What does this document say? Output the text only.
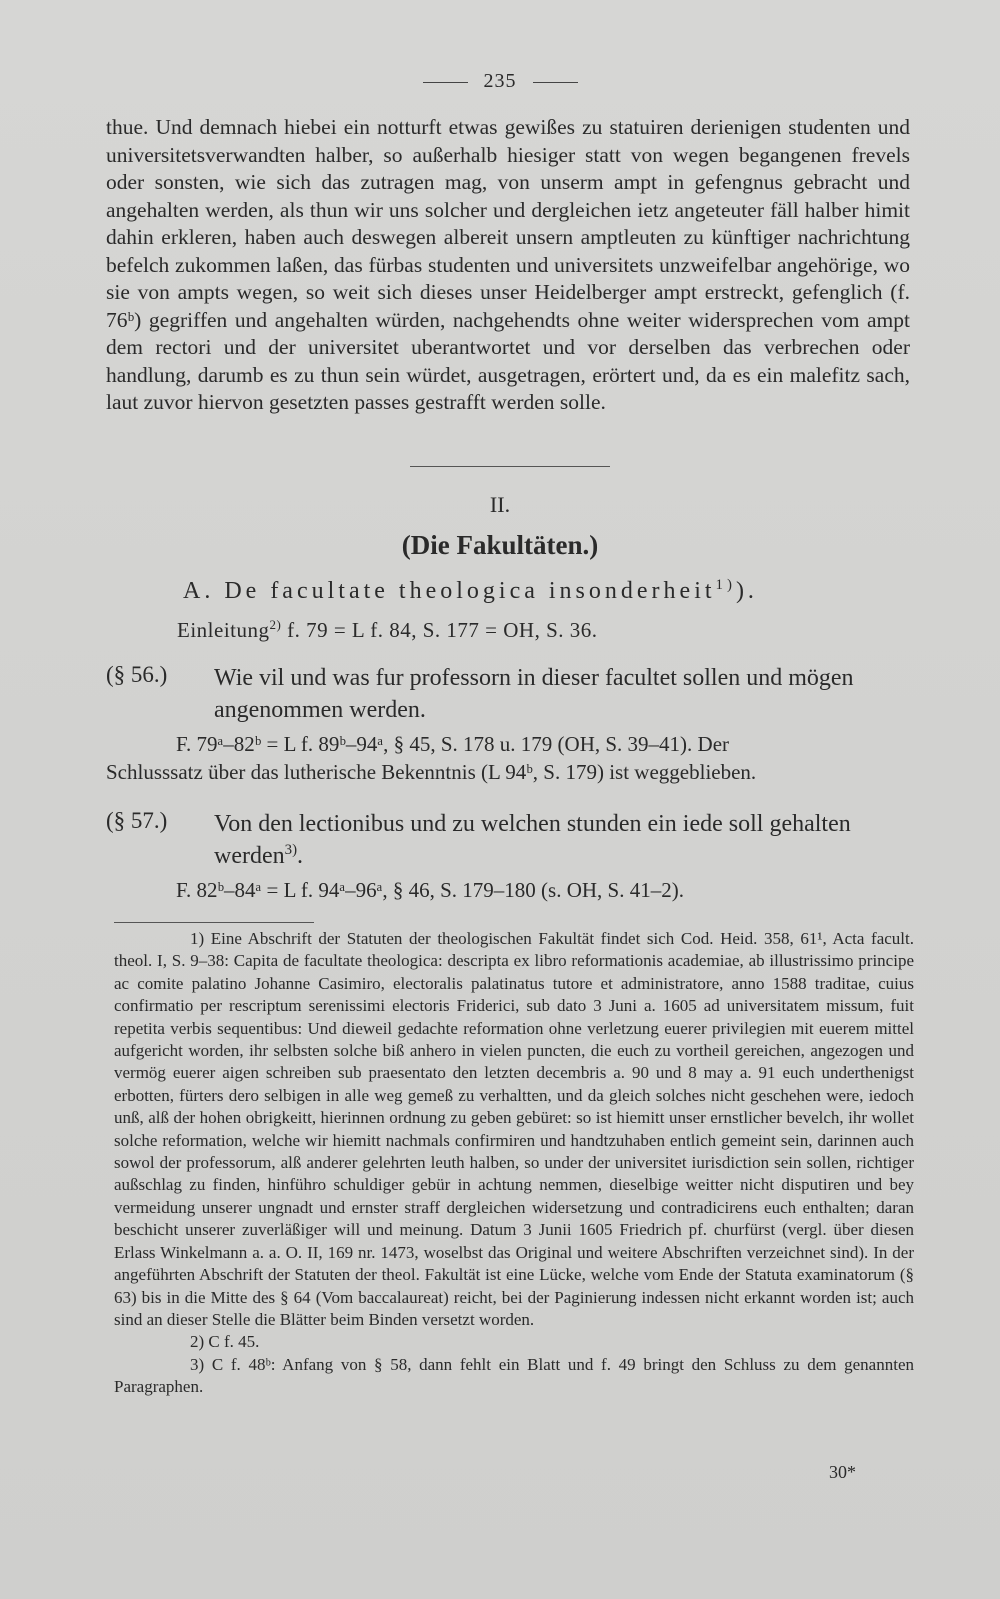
235

thue. Und demnach hiebei ein notturft etwas gewißes zu statuiren derienigen studenten und universitetsverwandten halber, so außerhalb hiesiger statt von wegen begangenen frevels oder sonsten, wie sich das zutragen mag, von unserm ampt in gefengnus gebracht und angehalten werden, als thun wir uns solcher und dergleichen ietz angeteuter fäll halber himit dahin erkleren, haben auch deswegen albereit unsern amptleuten zu künftiger nachrichtung befelch zukommen laßen, das fürbas studenten und universitets unzweifelbar angehörige, wo sie von ampts wegen, so weit sich dieses unser Heidelberger ampt erstreckt, gefenglich (f. 76ᵇ) gegriffen und angehalten würden, nachgehendts ohne weiter widersprechen vom ampt dem rectori und der universitet uberantwortet und vor derselben das verbrechen oder handlung, darumb es zu thun sein würdet, ausgetragen, erörtert und, da es ein malefitz sach, laut zuvor hiervon gesetzten passes gestrafft werden solle.

II.
(Die Fakultäten.)
A. De facultate theologica insonderheit$^{1)}$).
Einleitung$^{2)}$ f. 79 = L f. 84, S. 177 = OH, S. 36.
(§ 56.) Wie vil und was fur professorn in dieser facultet sollen und mögen angenommen werden.
F. 79ᵃ–82ᵇ = L f. 89ᵇ–94ᵃ, § 45, S. 178 u. 179 (OH, S. 39–41). Der
Schlusssatz über das lutherische Bekenntnis (L 94ᵇ, S. 179) ist weggeblieben.
(§ 57.) Von den lectionibus und zu welchen stunden ein iede soll gehalten werden$^{3)}$.
F. 82ᵇ–84ᵃ = L f. 94ᵃ–96ᵃ, § 46, S. 179–180 (s. OH, S. 41–2).

1) Eine Abschrift der Statuten der theologischen Fakultät findet sich Cod. Heid. 358, 61¹, Acta facult. theol. I, S. 9–38: Capita de facultate theologica: descripta ex libro reformationis academiae, ab illustrissimo principe ac comite palatino Johanne Casimiro, electoralis palatinatus tutore et administratore, anno 1588 traditae, cuius confirmatio per rescriptum serenissimi electoris Friderici, sub dato 3 Juni a. 1605 ad universitatem missum, fuit repetita verbis sequentibus: Und dieweil gedachte reformation ohne verletzung euerer privilegien mit euerem mittel aufgericht worden, ihr selbsten solche biß anhero in vielen puncten, die euch zu vortheil gereichen, angezogen und vermög euerer aigen schreiben sub praesentato den letzten decembris a. 90 und 8 may a. 91 euch underthenigst erbotten, fürters dero selbigen in alle weg gemeß zu verhaltten, und da gleich solches nicht geschehen were, iedoch unß, alß der hohen obrigkeitt, hierinnen ordnung zu geben gebüret: so ist hiemitt unser ernstlicher bevelch, ihr wollet solche reformation, welche wir hiemitt nachmals confirmiren und handtzuhaben entlich gemeint sein, darinnen auch sowol der professorum, alß anderer gelehrten leuth halben, so under der universitet iurisdiction sein sollen, richtiger außschlag zu finden, hinführo schuldiger gebür in achtung nemmen, dieselbige weitter nicht disputiren und bey vermeidung unserer ungnadt und ernster straff dergleichen widersetzung und contradicirens euch enthalten; daran beschicht unserer zuverläßiger will und meinung. Datum 3 Junii 1605 Friedrich pf. churfürst (vergl. über diesen Erlass Winkelmann a. a. O. II, 169 nr. 1473, woselbst das Original und weitere Abschriften verzeichnet sind). In der angeführten Abschrift der Statuten der theol. Fakultät ist eine Lücke, welche vom Ende der Statuta examinatorum (§ 63) bis in die Mitte des § 64 (Vom baccalaureat) reicht, bei der Paginierung indessen nicht erkannt worden ist; auch sind an dieser Stelle die Blätter beim Binden versetzt worden.

2) C f. 45.

3) C f. 48ᵇ: Anfang von § 58, dann fehlt ein Blatt und f. 49 bringt den Schluss zu dem genannten Paragraphen.

30*
